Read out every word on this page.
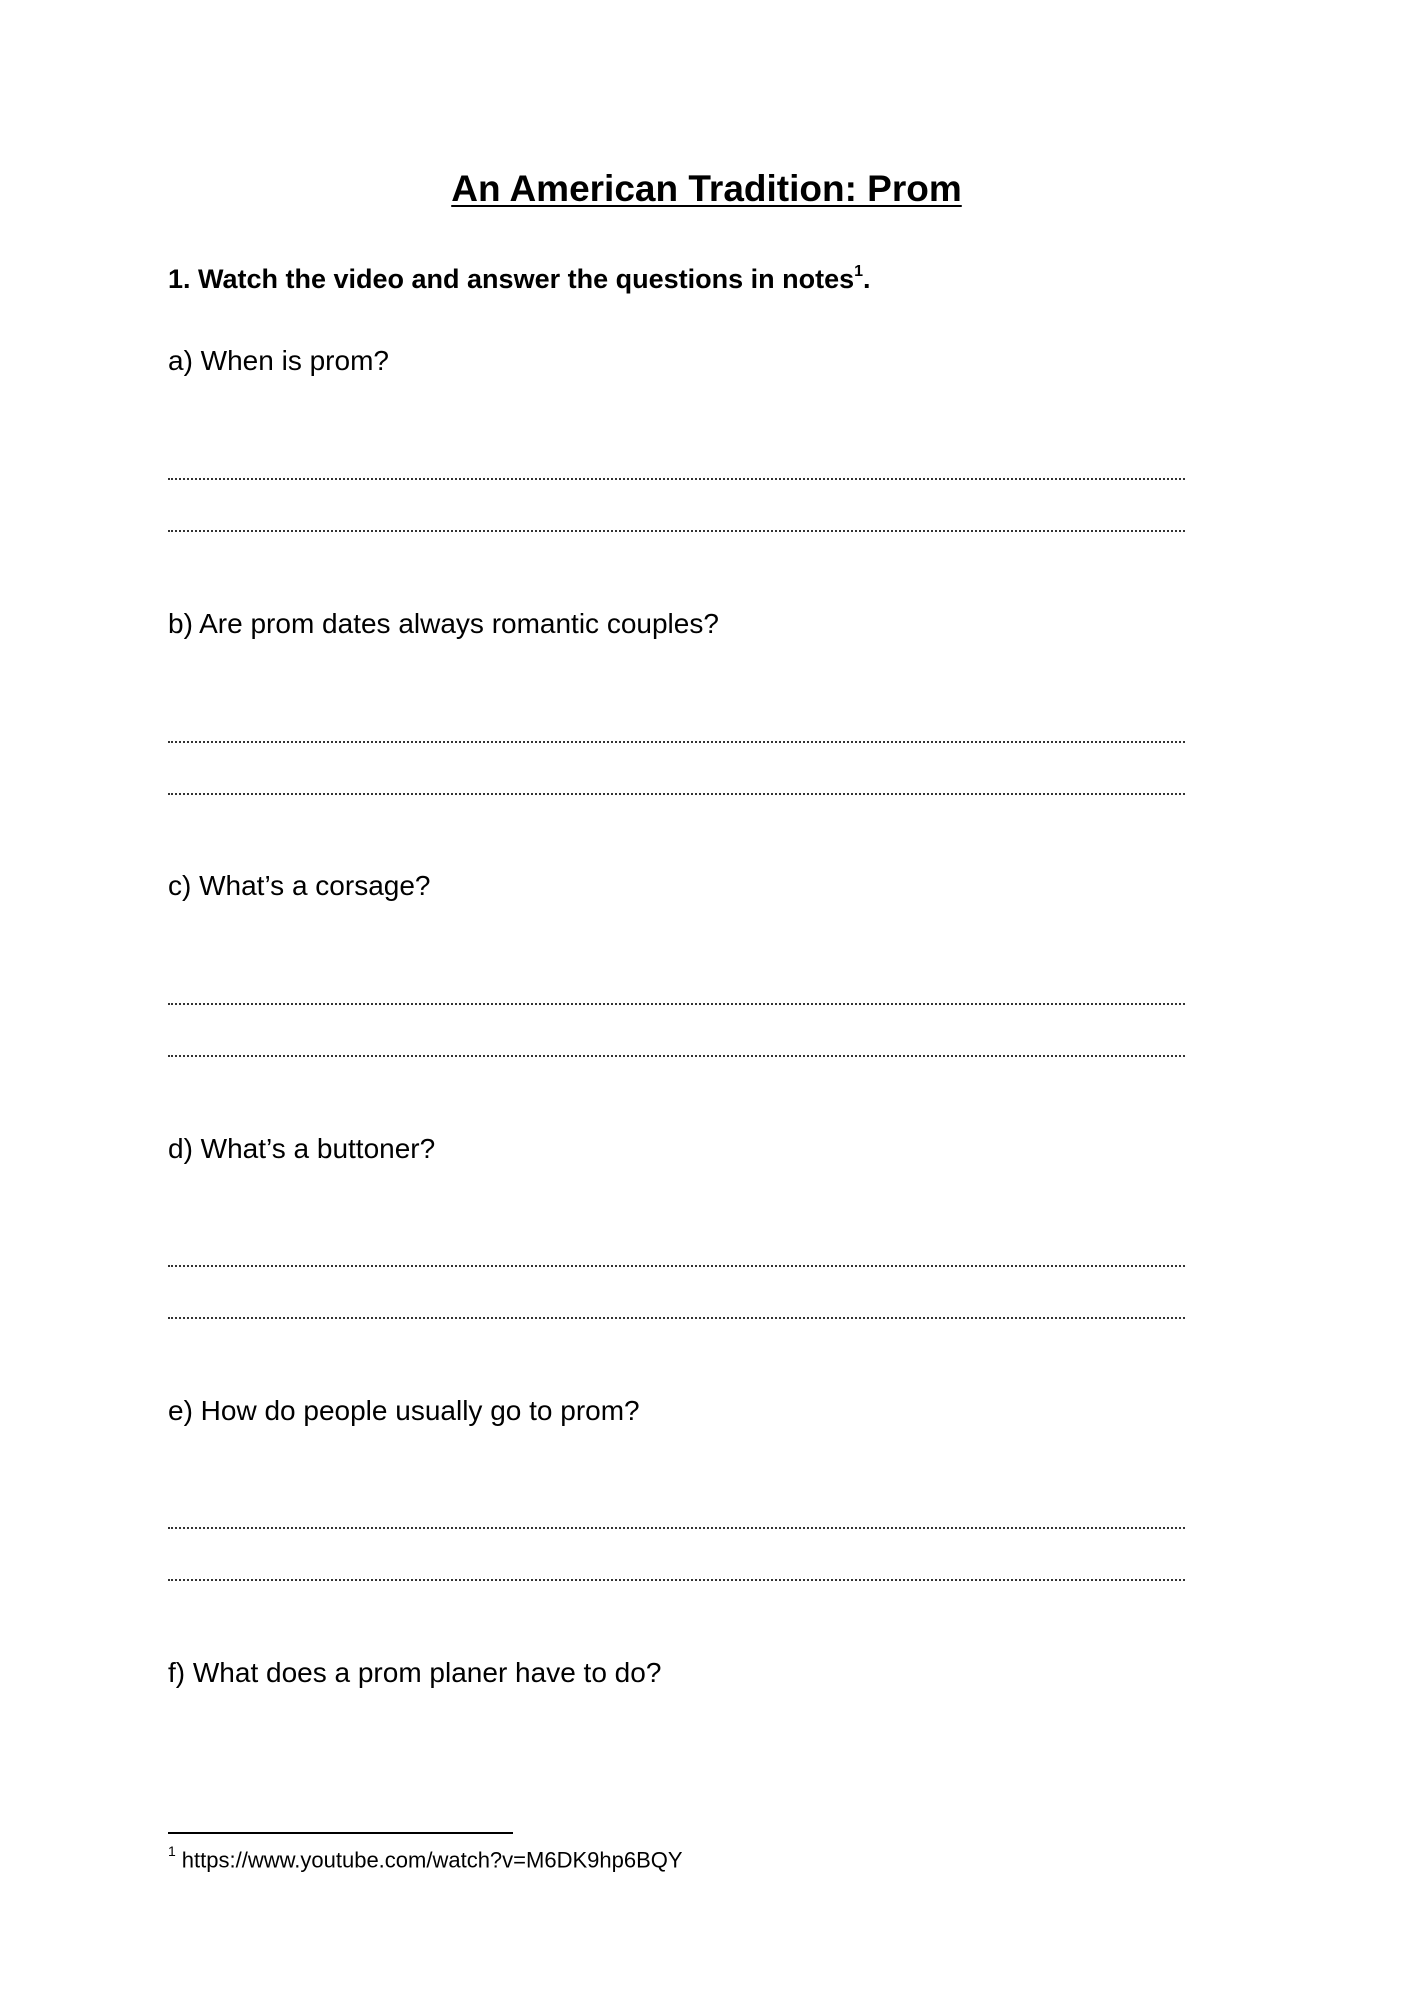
An American Tradition: Prom

1. Watch the video and answer the questions in notes$^1$.

a) When is prom?

b) Are prom dates always romantic couples?

c) What’s a corsage?

d) What’s a buttoner?

e) How do people usually go to prom?

f) What does a prom planer have to do?

$^1$ https://www.youtube.com/watch?v=M6DK9hp6BQY
